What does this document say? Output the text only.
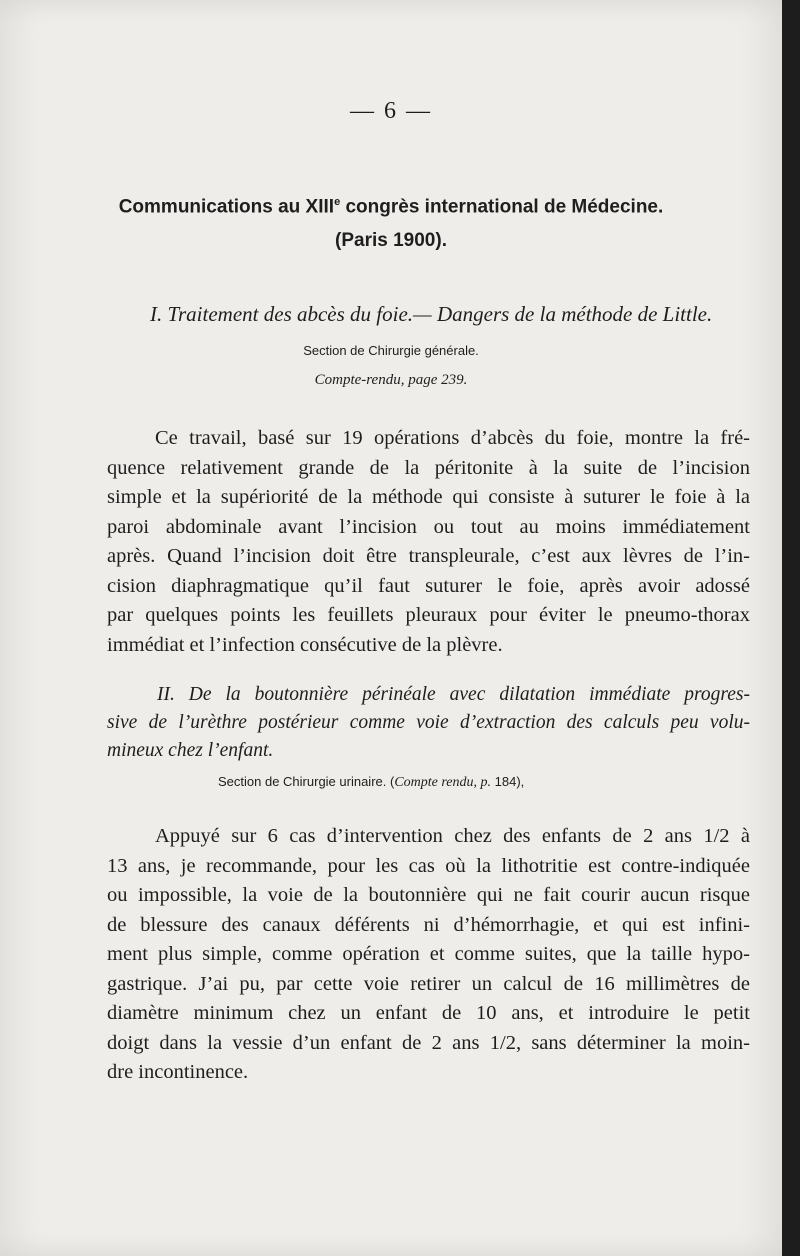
— 6 —
Communications au XIIIe congrès international de Médecine.
(Paris 1900).
I. Traitement des abcès du foie.— Dangers de la méthode de Little.
Section de Chirurgie générale.
Compte-rendu, page 239.
Ce travail, basé sur 19 opérations d’abcès du foie, montre la fré-
quence relativement grande de la péritonite à la suite de l’incision
simple et la supériorité de la méthode qui consiste à suturer le foie à la
paroi abdominale avant l’incision ou tout au moins immédiatement
après. Quand l’incision doit être transpleurale, c’est aux lèvres de l’in-
cision diaphragmatique qu’il faut suturer le foie, après avoir adossé
par quelques points les feuillets pleuraux pour éviter le pneumo-thorax
immédiat et l’infection consécutive de la plèvre.
II. De la boutonnière périnéale avec dilatation immédiate progres-
sive de l’urèthre postérieur comme voie d’extraction des calculs peu volu-
mineux chez l’enfant.
Section de Chirurgie urinaire. (Compte rendu, p. 184),
Appuyé sur 6 cas d’intervention chez des enfants de 2 ans 1/2 à
13 ans, je recommande, pour les cas où la lithotritie est contre-indiquée
ou impossible, la voie de la boutonnière qui ne fait courir aucun risque
de blessure des canaux déférents ni d’hémorrhagie, et qui est infini-
ment plus simple, comme opération et comme suites, que la taille hypo-
gastrique. J’ai pu, par cette voie retirer un calcul de 16 millimètres de
diamètre minimum chez un enfant de 10 ans, et introduire le petit
doigt dans la vessie d’un enfant de 2 ans 1/2, sans déterminer la moin-
dre incontinence.
